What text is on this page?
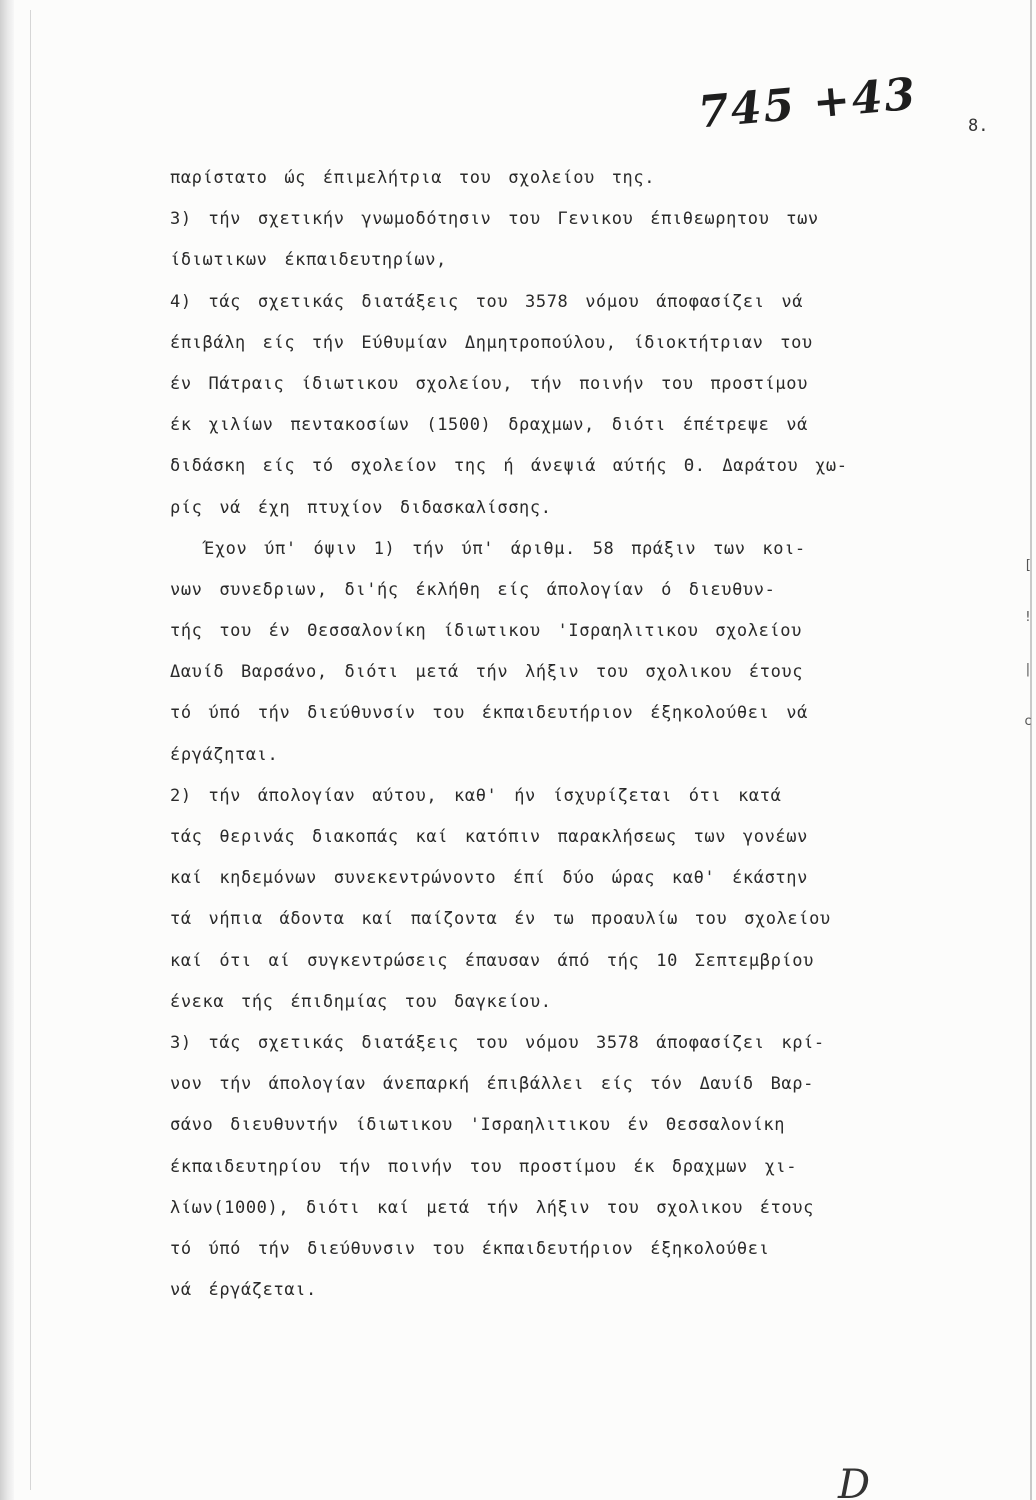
[
!
|
c
745 +43	8.
παρίστατο ώς έπιμελήτρια του σχολείου της.
3) τήν σχετικήν γνωμοδότησιν του Γενικου έπιθεωρητου των
ίδιωτικων έκπαιδευτηρίων,
4) τάς σχετικάς διατάξεις του 3578 νόμου άποφασίζει νά
έπιβάλη είς τήν Εύθυμίαν Δημητροπούλου, ίδιοκτήτριαν του
έν Πάτραις ίδιωτικου σχολείου, τήν ποινήν του προστίμου
έκ χιλίων πεντακοσίων (1500) δραχμων, διότι έπέτρεψε νά
διδάσκη είς τό σχολείον της ή άνεψιά αύτής Θ. Δαράτου χω-
ρίς νά έχη πτυχίον διδασκαλίσσης.
Έχον ύπ' όψιν 1) τήν ύπ' άριθμ. 58 πράξιν των κοι-
νων συνεδριων, δι'ής έκλήθη είς άπολογίαν ό διευθυν-
τής του έν Θεσσαλονίκη ίδιωτικου 'Ισραηλιτικου σχολείου
Δαυίδ Βαρσάνο, διότι μετά τήν λήξιν του σχολικου έτους
τό ύπό τήν διεύθυνσίν του έκπαιδευτήριον έξηκολούθει νά
έργάζηται.
2) τήν άπολογίαν αύτου, καθ' ήν ίσχυρίζεται ότι κατά
τάς θερινάς διακοπάς καί κατόπιν παρακλήσεως των γονέων
καί κηδεμόνων συνεκεντρώνοντο έπί δύο ώρας καθ' έκάστην
τά νήπια άδοντα καί παίζοντα έν τω προαυλίω του σχολείου
καί ότι αί συγκεντρώσεις έπαυσαν άπό τής 10 Σεπτεμβρίου
ένεκα τής έπιδημίας του δαγκείου.
3) τάς σχετικάς διατάξεις του νόμου 3578 άποφασίζει κρί-
νον τήν άπολογίαν άνεπαρκή έπιβάλλει είς τόν Δαυίδ Βαρ-
σάνο διευθυντήν ίδιωτικου 'Ισραηλιτικου έν Θεσσαλονίκη
έκπαιδευτηρίου τήν ποινήν του προστίμου έκ δραχμων χι-
λίων(1000), διότι καί μετά τήν λήξιν του σχολικου έτους
τό ύπό τήν διεύθυνσιν του έκπαιδευτήριον έξηκολούθει
νά έργάζεται.
D
